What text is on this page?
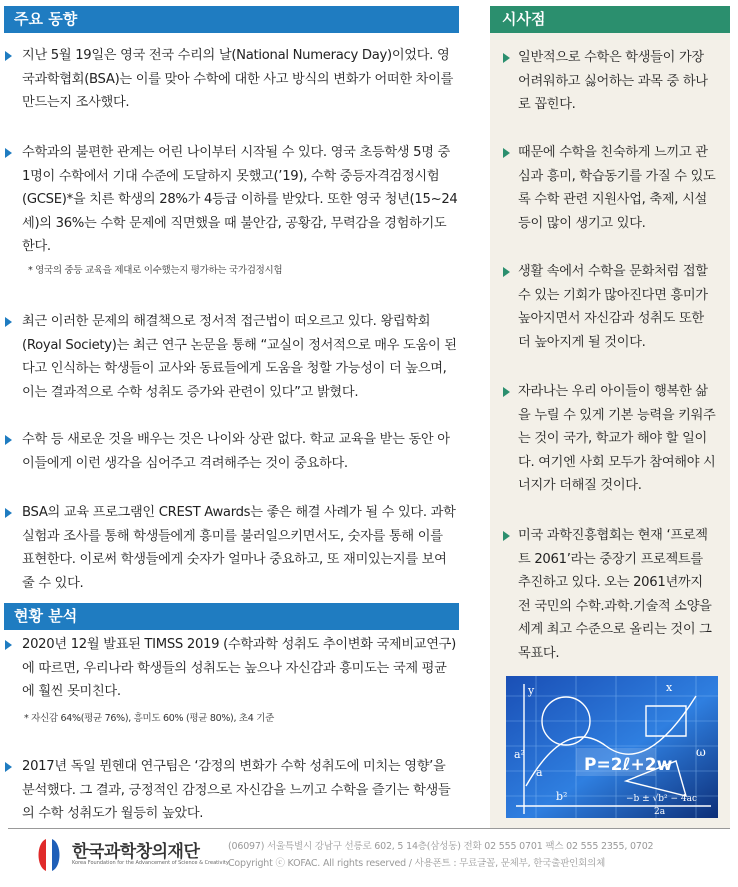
주요 동향
지난 5월 19일은 영국 전국 수리의 날(National Numeracy Day)이었다. 영국과학협회(BSA)는 이를 맞아 수학에 대한 사고 방식의 변화가 어떠한 차이를 만드는지 조사했다.
수학과의 불편한 관계는 어린 나이부터 시작될 수 있다. 영국 초등학생 5명 중 1명이 수학에서 기대 수준에 도달하지 못했고(’19), 수학 중등자격검정시험(GCSE)*을 치른 학생의 28%가 4등급 이하를 받았다. 또한 영국 청년(15~24세)의 36%는 수학 문제에 직면했을 때 불안감, 공황감, 무력감을 경험하기도 한다.
* 영국의 중등 교육을 제대로 이수했는지 평가하는 국가검정시험
최근 이러한 문제의 해결책으로 정서적 접근법이 떠오르고 있다. 왕립학회(Royal Society)는 최근 연구 논문을 통해 “교실이 정서적으로 매우 도움이 된다고 인식하는 학생들이 교사와 동료들에게 도움을 청할 가능성이 더 높으며, 이는 결과적으로 수학 성취도 증가와 관련이 있다”고 밝혔다.
수학 등 새로운 것을 배우는 것은 나이와 상관 없다. 학교 교육을 받는 동안 아이들에게 이런 생각을 심어주고 격려해주는 것이 중요하다.
BSA의 교육 프로그램인 CREST Awards는 좋은 해결 사례가 될 수 있다. 과학 실험과 조사를 통해 학생들에게 흥미를 불러일으키면서도, 숫자를 통해 이를 표현한다. 이로써 학생들에게 숫자가 얼마나 중요하고, 또 재미있는지를 보여줄 수 있다.
현황 분석
2020년 12월 발표된 TIMSS 2019 (수학과학 성취도 추이변화 국제비교연구)에 따르면, 우리나라 학생들의 성취도는 높으나 자신감과 흥미도는 국제 평균에 훨씬 못미친다.
* 자신감 64%(평균 76%), 흥미도 60% (평균 80%), 초4 기준
2017년 독일 뮌헨대 연구팀은 ‘감정의 변화가 수학 성취도에 미치는 영향’을 분석했다. 그 결과, 긍정적인 감정으로 자신감을 느끼고 수학을 즐기는 학생들의 수학 성취도가 월등히 높았다.
시사점
일반적으로 수학은 학생들이 가장 어려워하고 싫어하는 과목 중 하나로 꼽힌다.
때문에 수학을 친숙하게 느끼고 관심과 흥미, 학습동기를 가질 수 있도록 수학 관련 지원사업, 축제, 시설 등이 많이 생기고 있다.
생활 속에서 수학을 문화처럼 접할 수 있는 기회가 많아진다면 흥미가 높아지면서 자신감과 성취도 또한 더 높아지게 될 것이다.
자라나는 우리 아이들이 행복한 삶을 누릴 수 있게 기본 능력을 키워주는 것이 국가, 학교가 해야 할 일이다. 여기엔 사회 모두가 참여해야 시너지가 더해질 것이다.
미국 과학진흥협회는 현재 ‘프로젝트 2061’라는 중장기 프로젝트를 추진하고 있다. 오는 2061년까지 전 국민의 수학.과학.기술적 소양을 세계 최고 수준으로 올리는 것이 그 목표다.
P=2ℓ+2w
a²
a
b²
x
y
ω
−b ± √b² − 4ac
2a
한국과학창의재단
Korea Foundation for the Advancement of Science & Creativity
(06097) 서울특별시 강남구 선릉로 602, 5 14층(삼성동) 전화 02 555 0701 팩스 02 555 2355, 0702
Copyright ⓒ KOFAC. All rights reserved / 사용폰트 : 무료글꼴, 문체부, 한국출판인회의체
